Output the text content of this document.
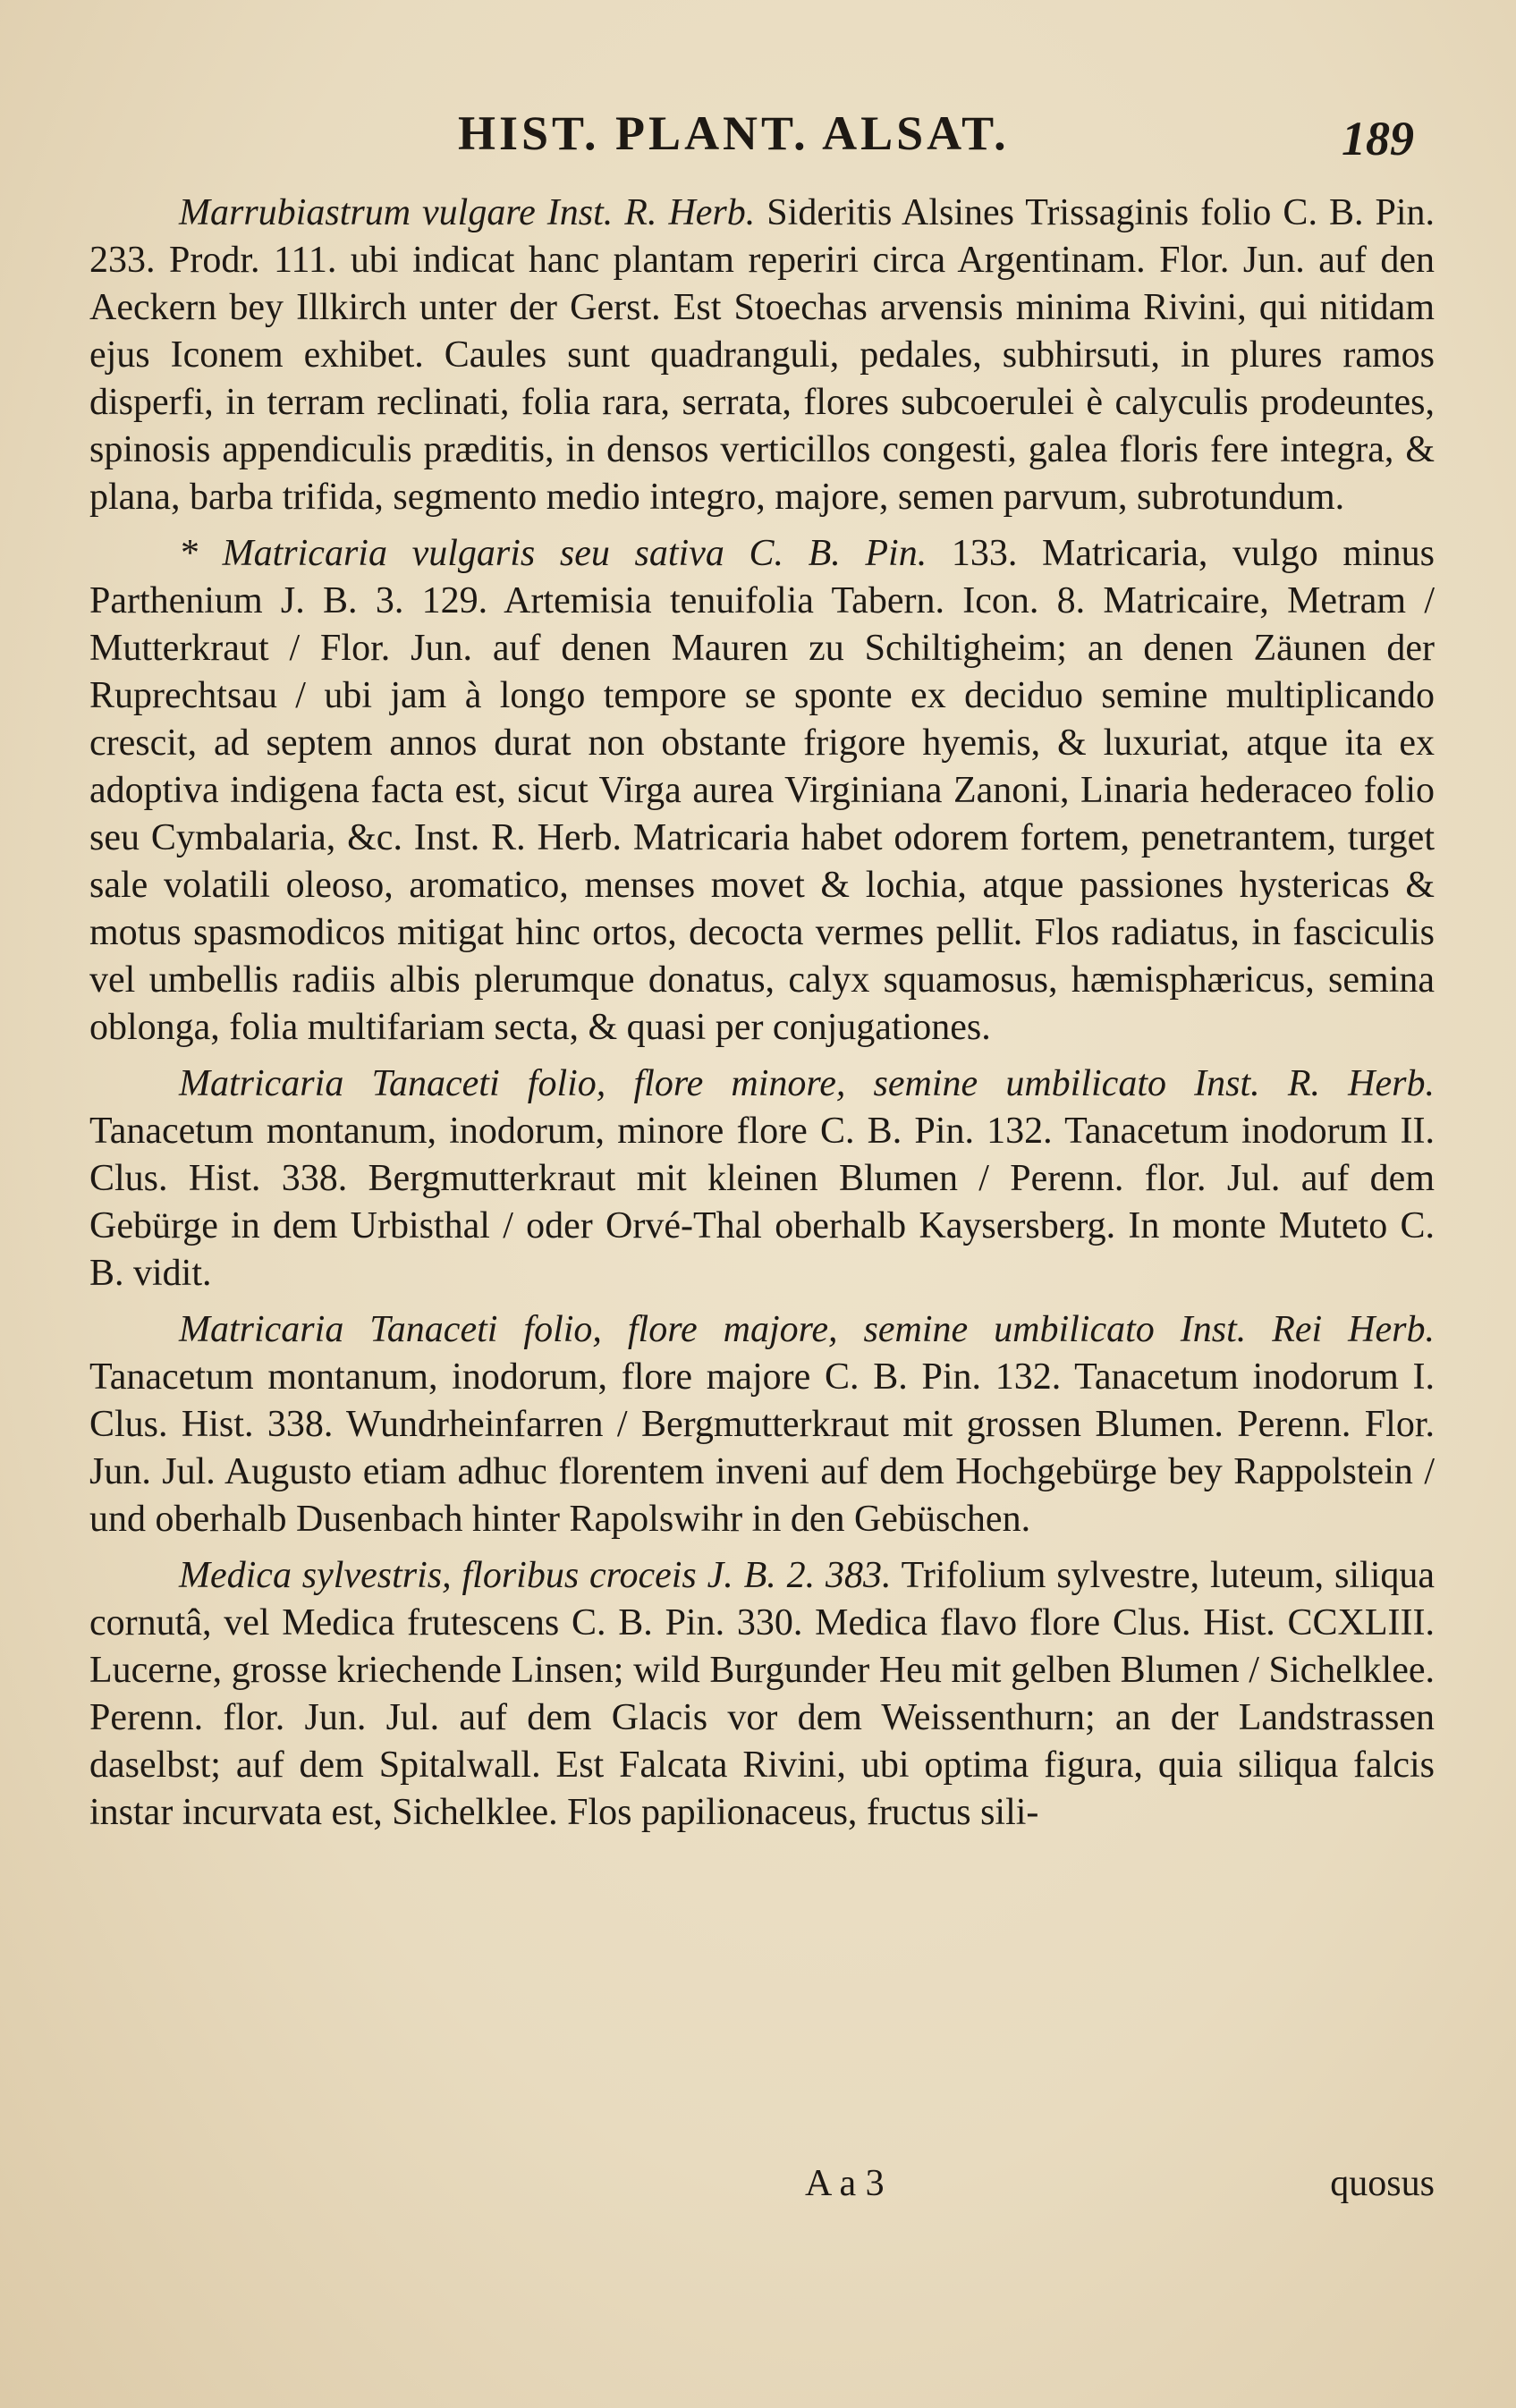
HIST. PLANT. ALSAT.	189

Marrubiastrum vulgare Inst. R. Herb. Sideritis Alsines Trissaginis folio C. B. Pin. 233. Prodr. 111. ubi indicat hanc plantam reperiri circa Argentinam. Flor. Jun. auf den Aeckern bey Illkirch unter der Gerst. Est Stoechas arvensis minima Rivini, qui nitidam ejus Iconem exhibet. Caules sunt quadranguli, pedales, subhirsuti, in plures ramos disperfi, in terram reclinati, folia rara, serrata, flores subcoerulei è calyculis prodeuntes, spinosis appendiculis præditis, in densos verticillos congesti, galea floris fere integra, & plana, barba trifida, segmento medio integro, majore, semen parvum, subrotundum.

* Matricaria vulgaris seu sativa C. B. Pin. 133. Matricaria, vulgo minus Parthenium J. B. 3. 129. Artemisia tenuifolia Tabern. Icon. 8. Matricaire, Metram / Mutterkraut / Flor. Jun. auf denen Mauren zu Schiltigheim; an denen Zäunen der Ruprechtsau / ubi jam à longo tempore se sponte ex deciduo semine multiplicando crescit, ad septem annos durat non obstante frigore hyemis, & luxuriat, atque ita ex adoptiva indigena facta est, sicut Virga aurea Virginiana Zanoni, Linaria hederaceo folio seu Cymbalaria, &c. Inst. R. Herb. Matricaria habet odorem fortem, penetrantem, turget sale volatili oleoso, aromatico, menses movet & lochia, atque passiones hystericas & motus spasmodicos mitigat hinc ortos, decocta vermes pellit. Flos radiatus, in fasciculis vel umbellis radiis albis plerumque donatus, calyx squamosus, hæmisphæricus, semina oblonga, folia multifariam secta, & quasi per conjugationes.

Matricaria Tanaceti folio, flore minore, semine umbilicato Inst. R. Herb. Tanacetum montanum, inodorum, minore flore C. B. Pin. 132. Tanacetum inodorum II. Clus. Hist. 338. Bergmutterkraut mit kleinen Blumen / Perenn. flor. Jul. auf dem Gebürge in dem Urbisthal / oder Orvé-Thal oberhalb Kaysersberg. In monte Muteto C. B. vidit.

Matricaria Tanaceti folio, flore majore, semine umbilicato Inst. Rei Herb. Tanacetum montanum, inodorum, flore majore C. B. Pin. 132. Tanacetum inodorum I. Clus. Hist. 338. Wundrheinfarren / Bergmutterkraut mit grossen Blumen. Perenn. Flor. Jun. Jul. Augusto etiam adhuc florentem inveni auf dem Hochgebürge bey Rappolstein / und oberhalb Dusenbach hinter Rapolswihr in den Gebüschen.

Medica sylvestris, floribus croceis J. B. 2. 383. Trifolium sylvestre, luteum, siliqua cornutâ, vel Medica frutescens C. B. Pin. 330. Medica flavo flore Clus. Hist. CCXLIII. Lucerne, grosse kriechende Linsen; wild Burgunder Heu mit gelben Blumen / Sichelklee. Perenn. flor. Jun. Jul. auf dem Glacis vor dem Weissenthurn; an der Landstrassen daselbst; auf dem Spitalwall. Est Falcata Rivini, ubi optima figura, quia siliqua falcis instar incurvata est, Sichelklee. Flos papilionaceus, fructus sili-

A a 3	quosus
